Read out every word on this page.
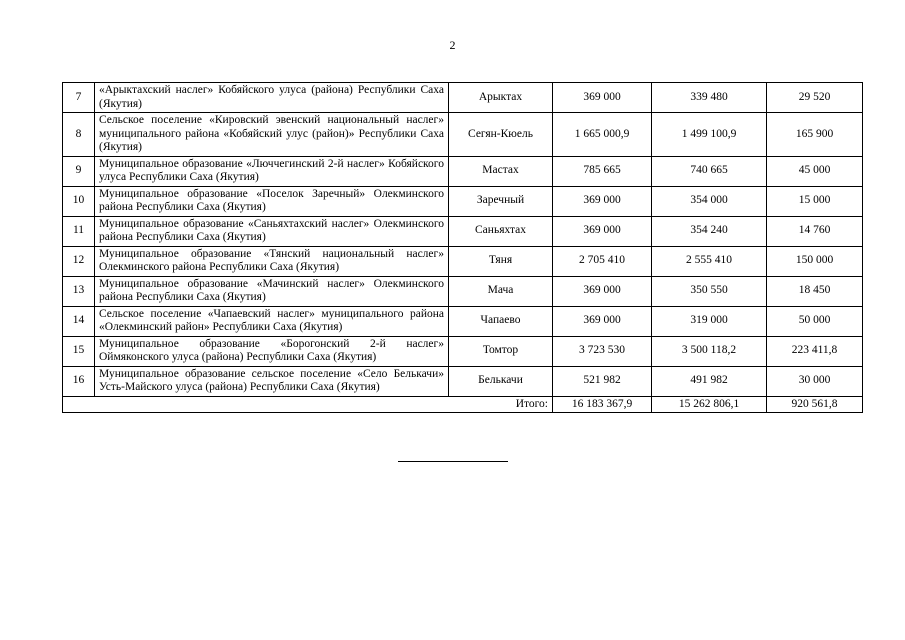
2
7	«Арыктахский наслег» Кобяйского улуса (района) Республики Саха (Якутия)	Арыктах	369 000	339 480	29 520
8	Сельское поселение «Кировский эвенский национальный наслег» муниципального района «Кобяйский улус (район)» Республики Саха (Якутия)	Сегян-Кюель	1 665 000,9	1 499 100,9	165 900
9	Муниципальное образование «Люччегинский 2-й наслег» Кобяйского улуса Республики Саха (Якутия)	Мастах	785 665	740 665	45 000
10	Муниципальное образование «Поселок Заречный» Олекминского района Республики Саха (Якутия)	Заречный	369 000	354 000	15 000
11	Муниципальное образование «Саньяхтахский наслег» Олекминского района Республики Саха (Якутия)	Саньяхтах	369 000	354 240	14 760
12	Муниципальное образование «Тянский национальный наслег» Олекминского района Республики Саха (Якутия)	Тяня	2 705 410	2 555 410	150 000
13	Муниципальное образование «Мачинский наслег» Олекминского района Республики Саха (Якутия)	Мача	369 000	350 550	18 450
14	Сельское поселение «Чапаевский наслег» муниципального района «Олекминский район» Республики Саха (Якутия)	Чапаево	369 000	319 000	50 000
15	Муниципальное образование «Борогонский 2-й наслег» Оймяконского улуса (района) Республики Саха (Якутия)	Томтор	3 723 530	3 500 118,2	223 411,8
16	Муниципальное образование сельское поселение «Село Белькачи» Усть-Майского улуса (района) Республики Саха (Якутия)	Белькачи	521 982	491 982	30 000
Итого:			16 183 367,9	15 262 806,1	920 561,8
